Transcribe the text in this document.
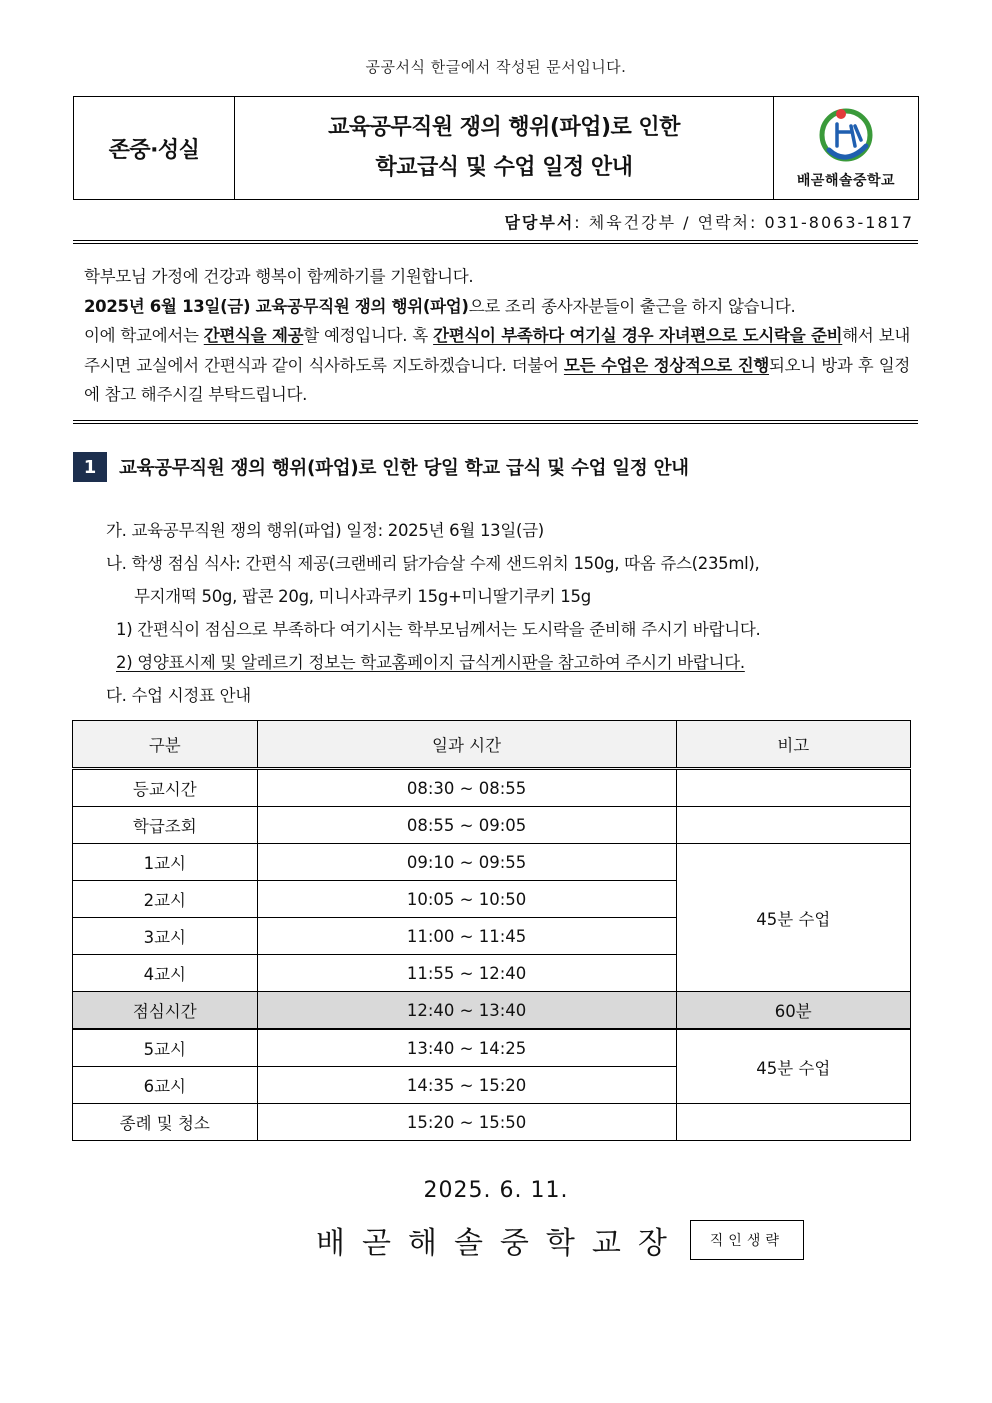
공공서식 한글에서 작성된 문서입니다.
존중·성실
교육공무직원 쟁의 행위(파업)로 인한
학교급식 및 수업 일정 안내
배곧해솔중학교
담당부서: 체육건강부 / 연락처: 031-8063-1817

학부모님 가정에 건강과 행복이 함께하기를 기원합니다.

2025년 6월 13일(금) 교육공무직원 쟁의 행위(파업)으로 조리 종사자분들이 출근을 하지 않습니다.

이에 학교에서는 간편식을 제공할 예정입니다. 혹 간편식이 부족하다 여기실 경우 자녀편으로 도시락을 준비해서 보내주시면 교실에서 간편식과 같이 식사하도록 지도하겠습니다. 더불어 모든 수업은 정상적으로 진행되오니 방과 후 일정에 참고 해주시길 부탁드립니다.

1	교육공무직원 쟁의 행위(파업)로 인한 당일 학교 급식 및 수업 일정 안내
가. 교육공무직원 쟁의 행위(파업) 일정: 2025년 6월 13일(금)
나. 학생 점심 식사: 간편식 제공(크랜베리 닭가슴살 수제 샌드위치 150g, 따옴 쥬스(235ml),
무지개떡 50g, 팝콘 20g, 미니사과쿠키 15g+미니딸기쿠키 15g
1) 간편식이 점심으로 부족하다 여기시는 학부모님께서는 도시락을 준비해 주시기 바랍니다.
2) 영양표시제 및 알레르기 정보는 학교홈페이지 급식게시판을 참고하여 주시기 바랍니다.
다. 수업 시정표 안내
구분	일과 시간	비고
등교시간	08:30 ~ 08:55	
학급조회	08:55 ~ 09:05	
1교시	09:10 ~ 09:55	45분 수업
2교시	10:05 ~ 10:50	
3교시	11:00 ~ 11:45	
4교시	11:55 ~ 12:40	
점심시간	12:40 ~ 13:40	60분
5교시	13:40 ~ 14:25	45분 수업
6교시	14:35 ~ 15:20	
종례 및 청소	15:20 ~ 15:50	
2025. 6. 11.
배곧해솔중학교장	직인생략
